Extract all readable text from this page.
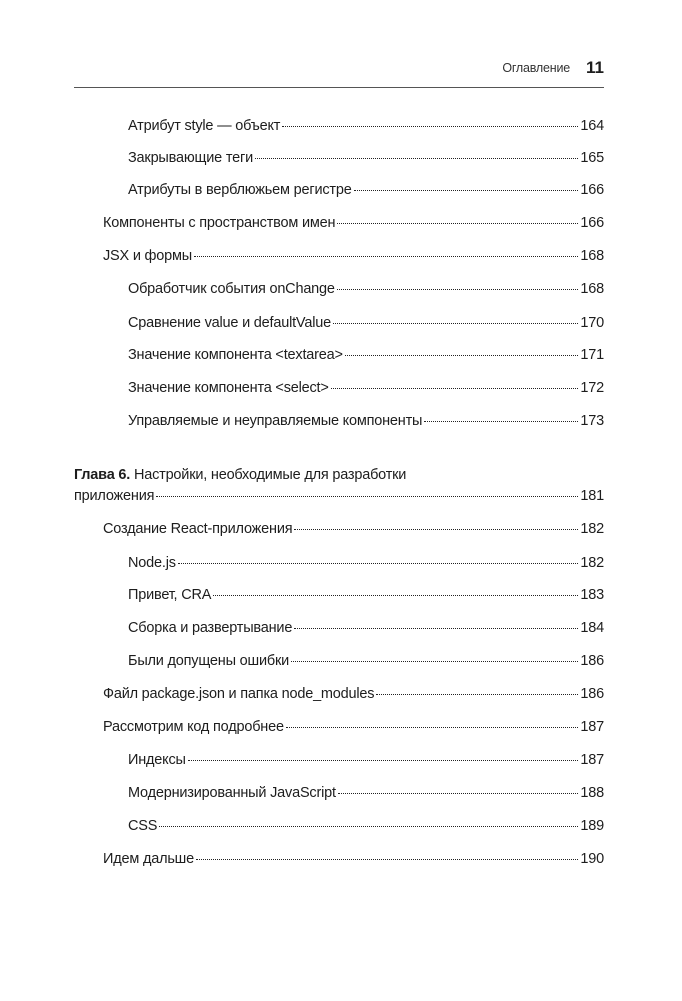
Оглавление 11
Атрибут style — объект	164
Закрывающие теги	165
Атрибуты в верблюжьем регистре	166
Компоненты с пространством имен	166
JSX и формы	168
Обработчик события onChange	168
Сравнение value и defaultValue	170
Значение компонента <textarea>	171
Значение компонента <select>	172
Управляемые и неуправляемые компоненты	173
Глава 6. Настройки, необходимые для разработки
приложения	181
Создание React-приложения	182
Node.js	182
Привет, CRA	183
Сборка и развертывание	184
Были допущены ошибки	186
Файл package.json и папка node_modules	186
Рассмотрим код подробнее	187
Индексы	187
Модернизированный JavaScript	188
CSS	189
Идем дальше	190
